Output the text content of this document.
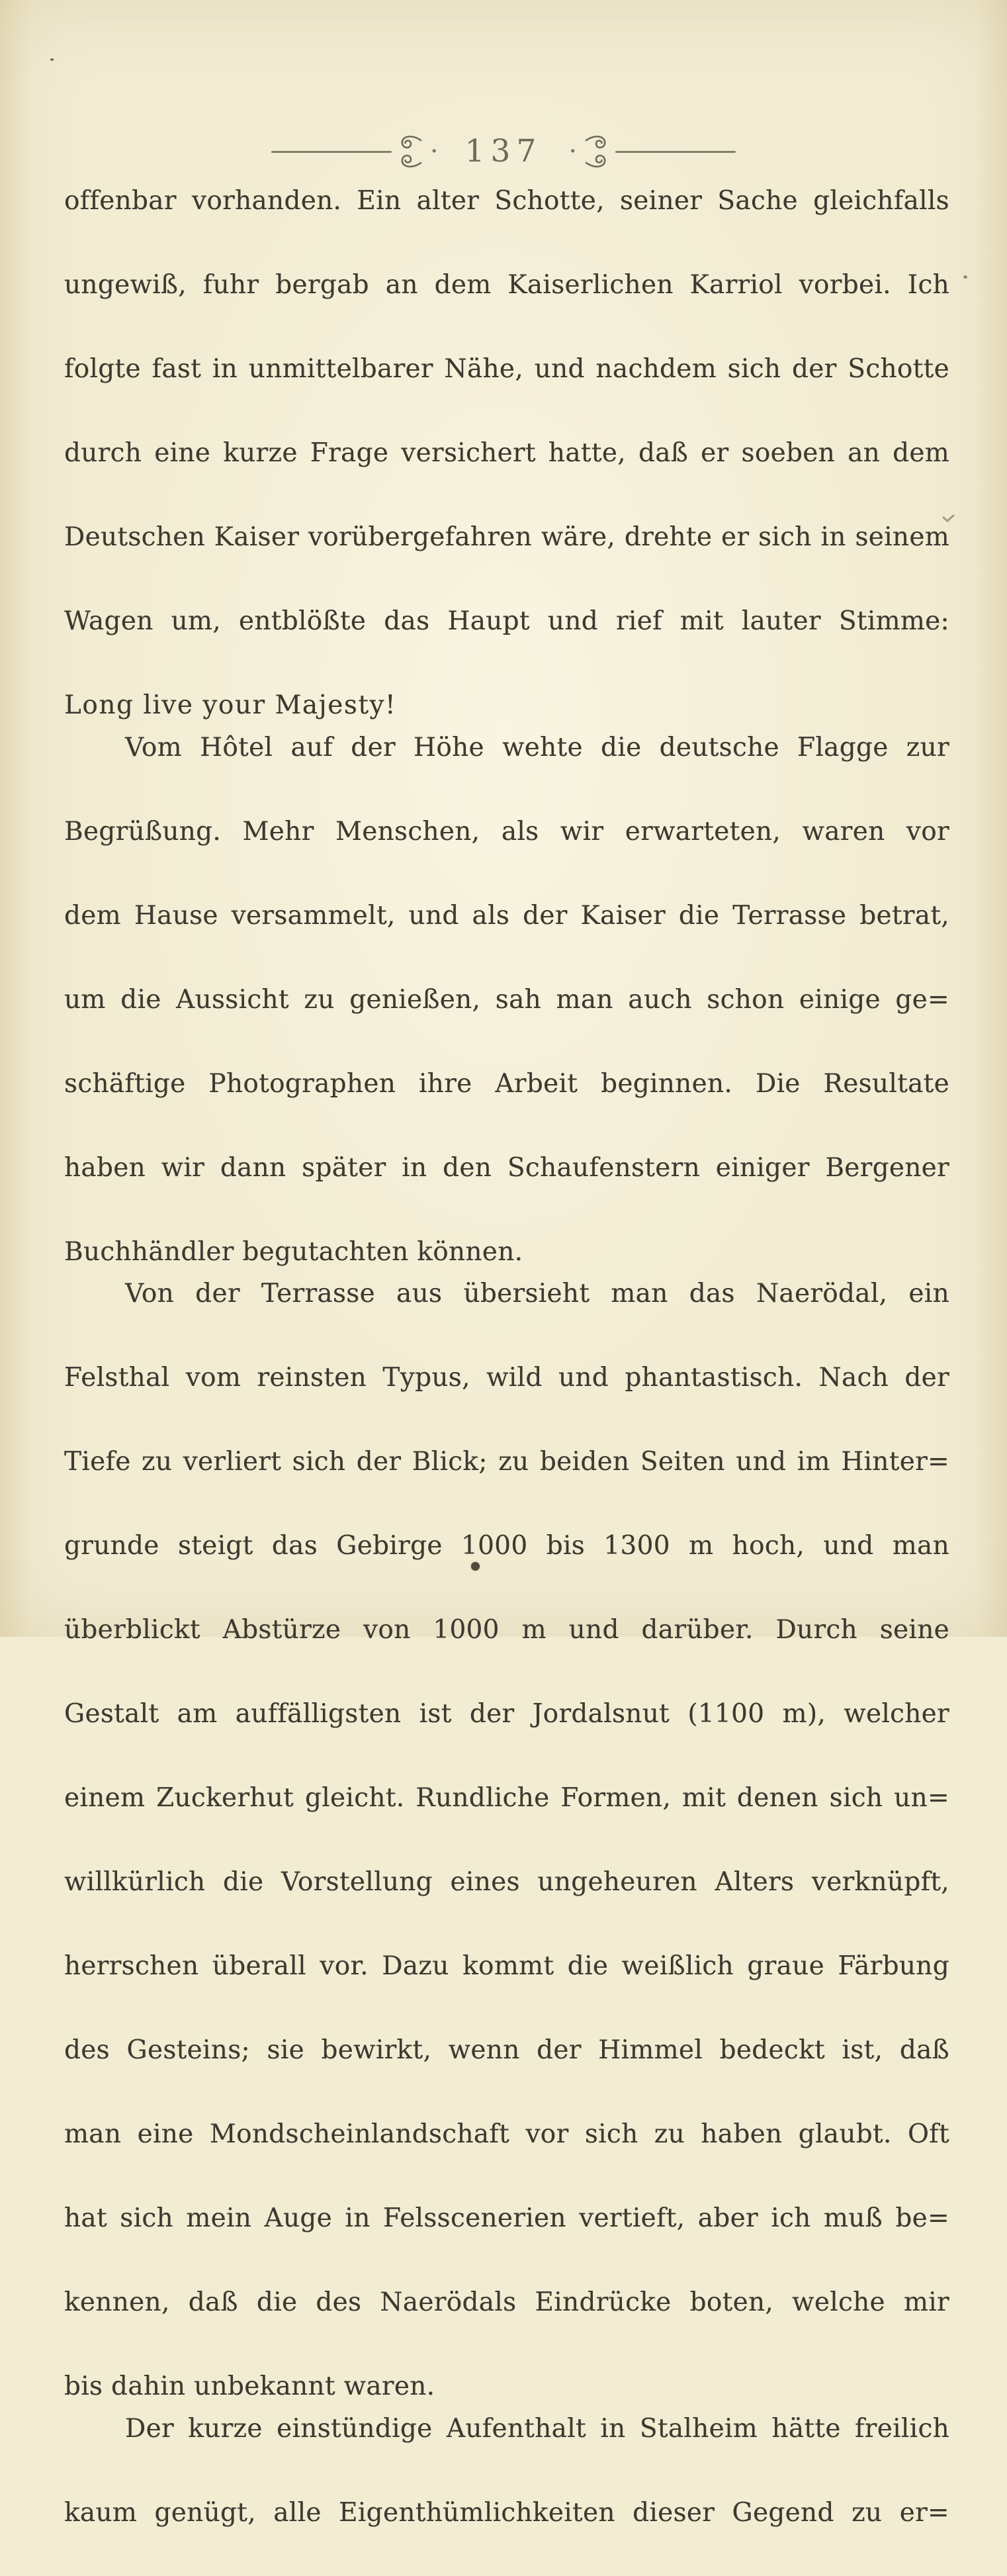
· 137 ·
offenbar vorhanden. Ein alter Schotte, seiner Sache gleichfalls
ungewiß, fuhr bergab an dem Kaiserlichen Karriol vorbei. Ich
folgte fast in unmittelbarer Nähe, und nachdem sich der Schotte
durch eine kurze Frage versichert hatte, daß er soeben an dem
Deutschen Kaiser vorübergefahren wäre, drehte er sich in seinem
Wagen um, entblößte das Haupt und rief mit lauter Stimme:
Long live your Majesty!
Vom Hôtel auf der Höhe wehte die deutsche Flagge zur
Begrüßung. Mehr Menschen, als wir erwarteten, waren vor
dem Hause versammelt, und als der Kaiser die Terrasse betrat,
um die Aussicht zu genießen, sah man auch schon einige ge=
schäftige Photographen ihre Arbeit beginnen. Die Resultate
haben wir dann später in den Schaufenstern einiger Bergener
Buchhändler begutachten können.
Von der Terrasse aus übersieht man das Naerödal, ein
Felsthal vom reinsten Typus, wild und phantastisch. Nach der
Tiefe zu verliert sich der Blick; zu beiden Seiten und im Hinter=
grunde steigt das Gebirge 1000 bis 1300 m hoch, und man
überblickt Abstürze von 1000 m und darüber. Durch seine
Gestalt am auffälligsten ist der Jordalsnut (1100 m), welcher
einem Zuckerhut gleicht. Rundliche Formen, mit denen sich un=
willkürlich die Vorstellung eines ungeheuren Alters verknüpft,
herrschen überall vor. Dazu kommt die weißlich graue Färbung
des Gesteins; sie bewirkt, wenn der Himmel bedeckt ist, daß
man eine Mondscheinlandschaft vor sich zu haben glaubt. Oft
hat sich mein Auge in Felsscenerien vertieft, aber ich muß be=
kennen, daß die des Naerödals Eindrücke boten, welche mir
bis dahin unbekannt waren.
Der kurze einstündige Aufenthalt in Stalheim hätte freilich
kaum genügt, alle Eigenthümlichkeiten dieser Gegend zu er=
